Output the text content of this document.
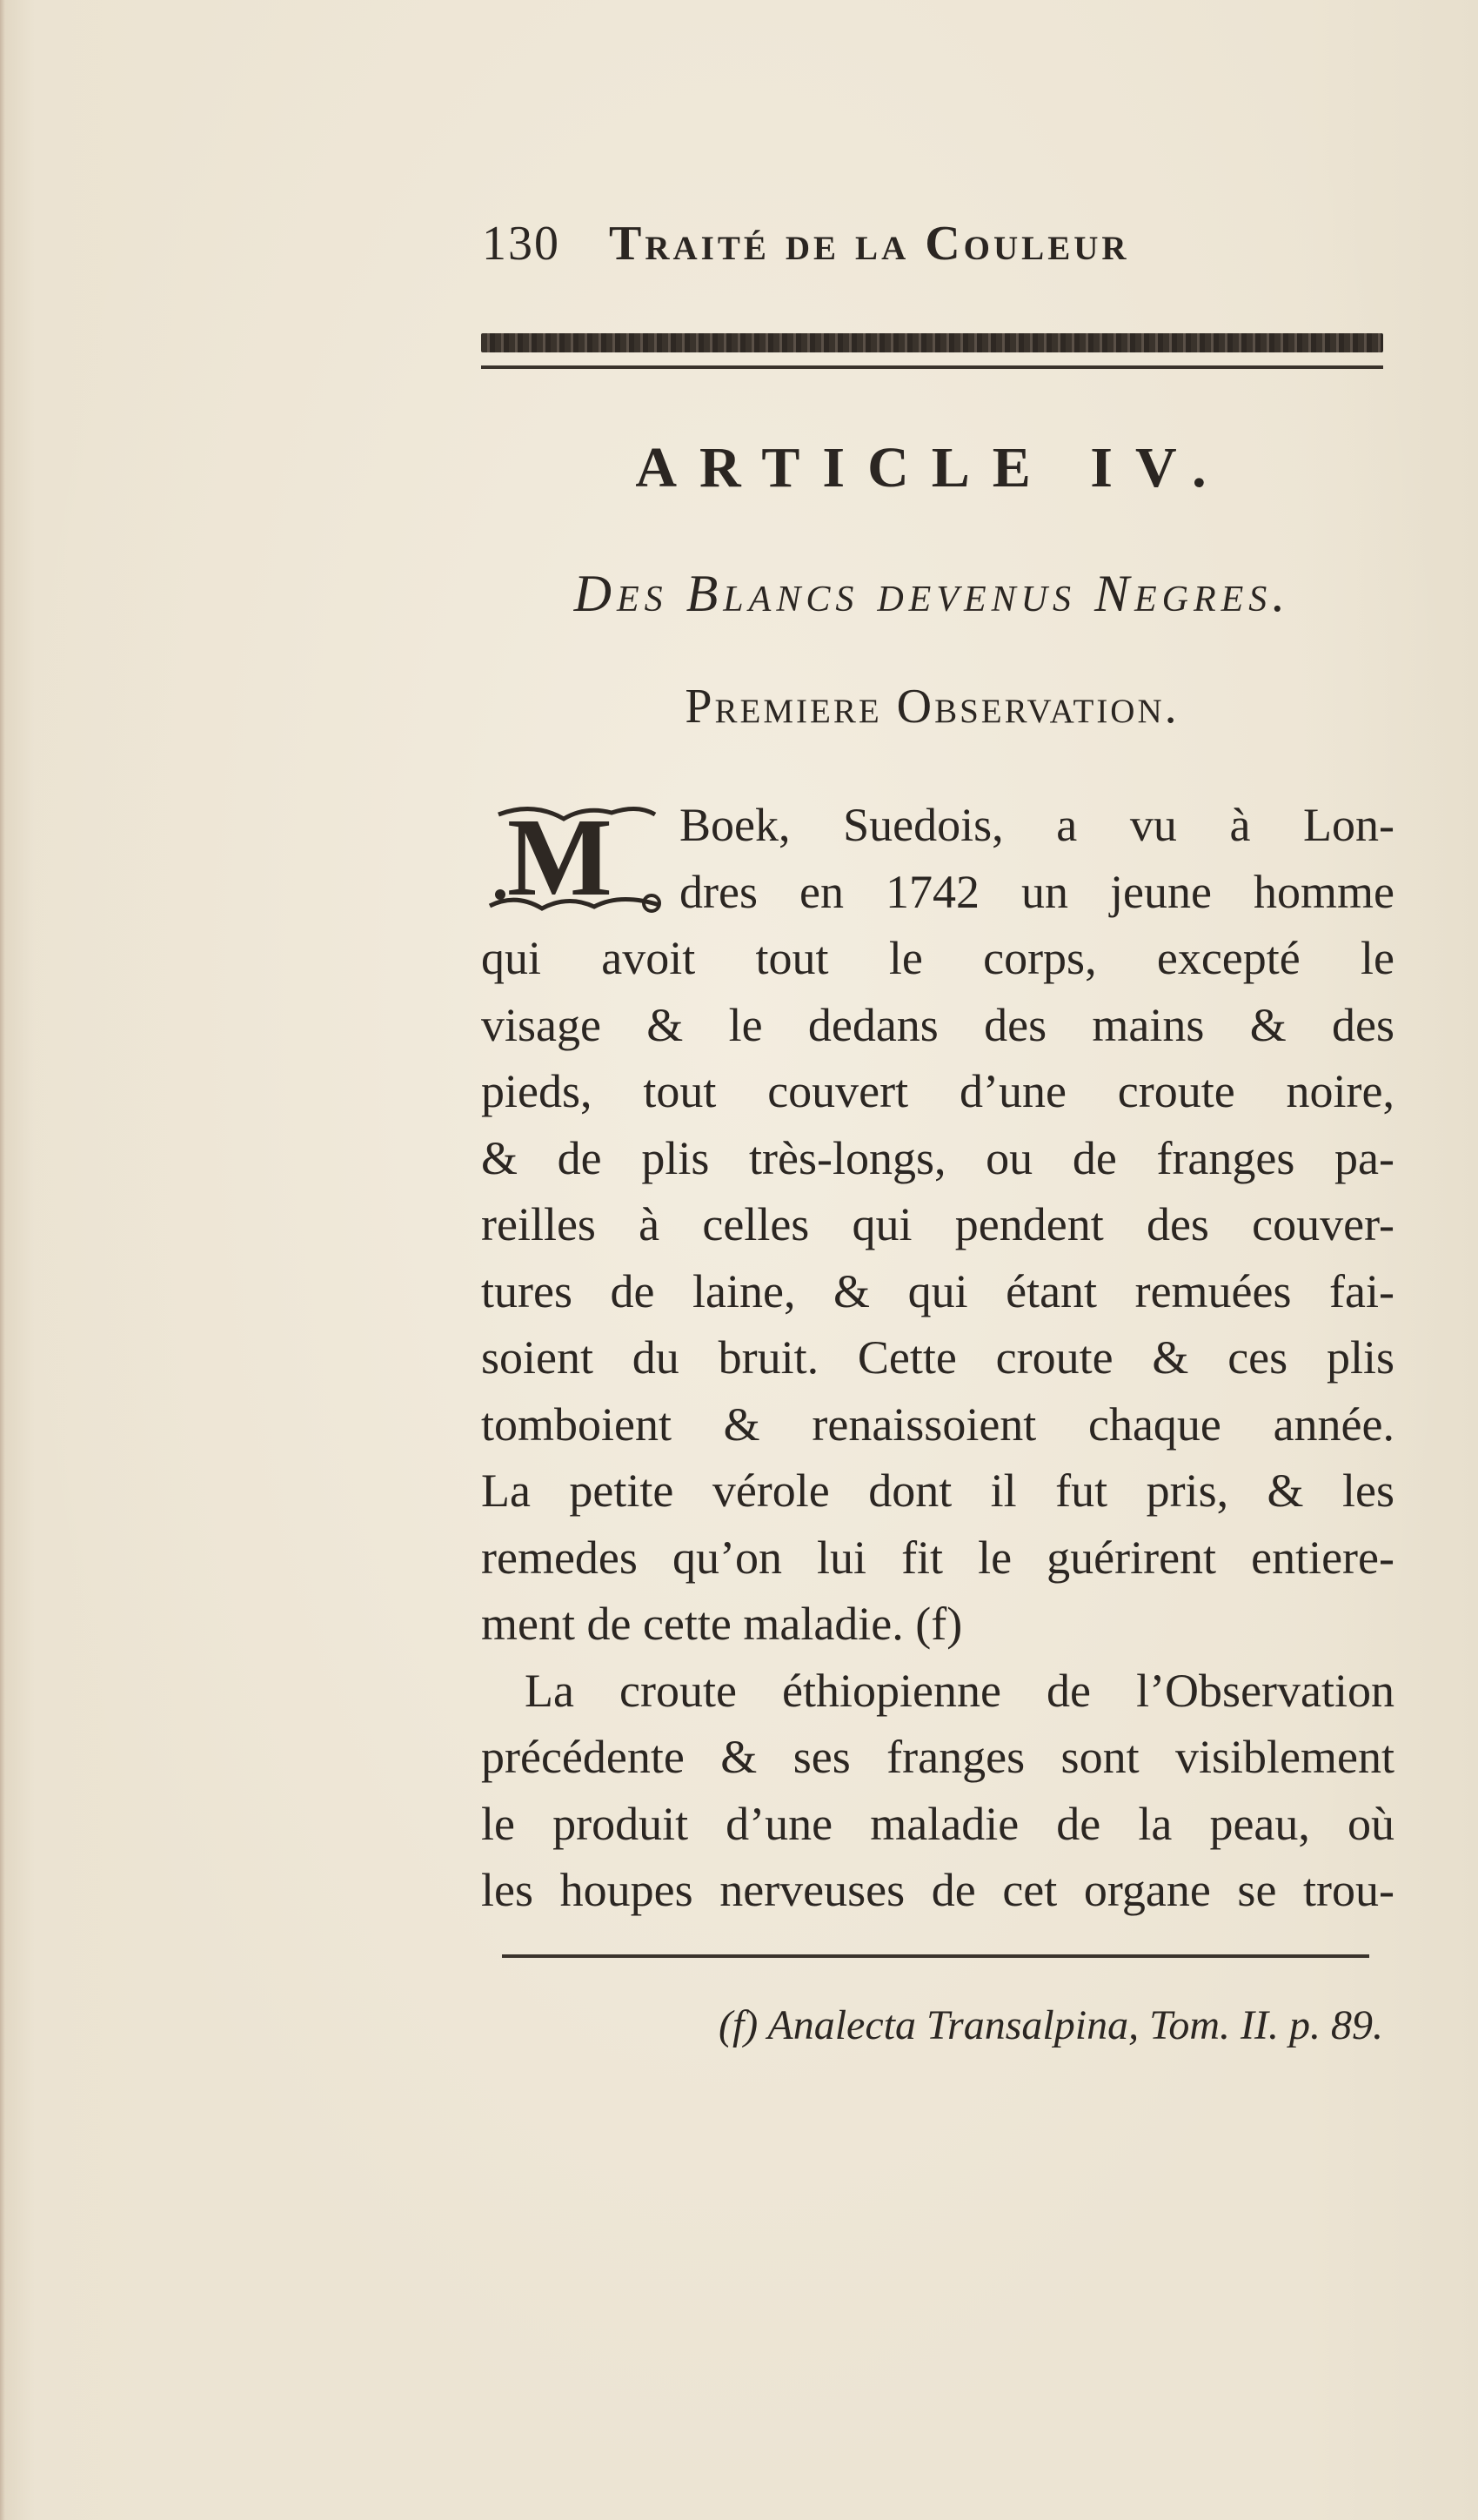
130 Traité de la Couleur
ARTICLE IV.
Des Blancs devenus Negres.
Premiere Observation.
M	Boek, Suedois, a vu à Lon-
dres en 1742 un jeune homme
qui avoit tout le corps, excepté le
visage & le dedans des mains & des
pieds, tout couvert d’une croute noire,
& de plis très-longs, ou de franges pa-
reilles à celles qui pendent des couver-
tures de laine, & qui étant remuées fai-
soient du bruit. Cette croute & ces plis
tomboient & renaissoient chaque année.
La petite vérole dont il fut pris, & les
remedes qu’on lui fit le guérirent entiere-
ment de cette maladie. (f)
La croute éthiopienne de l’Observation
précédente & ses franges sont visiblement
le produit d’une maladie de la peau, où
les houpes nerveuses de cet organe se trou-
(f) Analecta Transalpina, Tom. II. p. 89.
